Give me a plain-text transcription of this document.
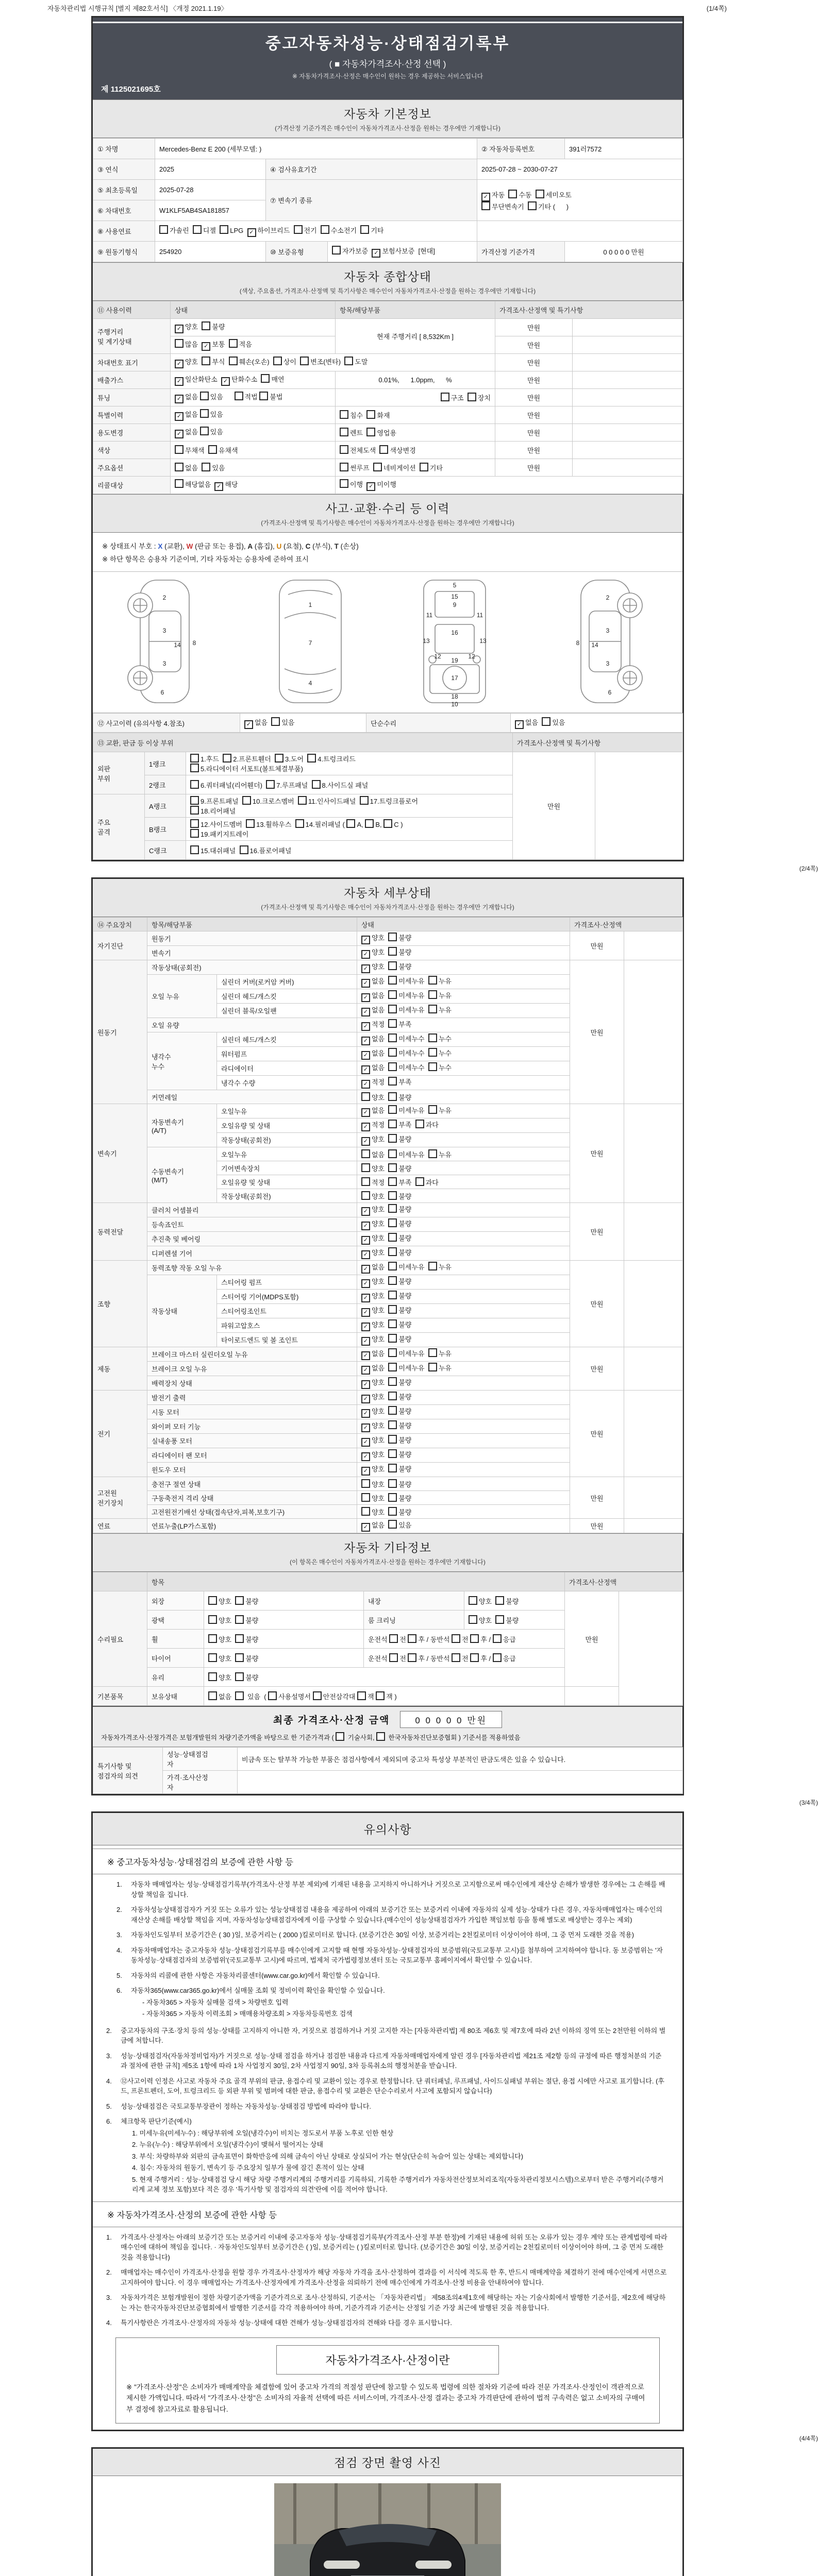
자동차관리법 시행규칙 [별지 제82호서식] 〈개정 2021.1.19〉	(1/4쪽)
중고자동차성능·상태점검기록부
( ■ 자동차가격조사·산정 선택 )
※ 자동차가격조사·산정은 매수인이 원하는 경우 제공하는 서비스입니다
제 1125021695호
자동차 기본정보
(가격산정 기준가격은 매수인이 자동차가격조사·산정을 원하는 경우에만 기재합니다)
① 차명	Mercedes-Benz E 200 (세부모델: )			② 자동차등록번호	391러7572
③ 연식	2025	④ 검사유효기간		2025-07-28 ~ 2030-07-27	
⑤ 최초등록일	2025-07-28	⑦ 변속기 종류		✓ 자동  수동  세미오토
무단변속기  기타 (      )	
⑥ 차대번호	W1KLF5AB4SA181857				
⑧ 사용연료	가솔린  디젤  LPG  ✓ 하이브리드  전기  수소전기  기타				
⑨ 원동기형식	254920	⑩ 보증유형	자가보증  ✓ 보험사보증  [현대]	가격산정 기준가격	0 0 0 0 0 만원
자동차 종합상태
(색상, 주요옵션, 가격조사·산정액 및 특기사항은 매수인이 자동차가격조사·산정을 원하는 경우에만 기재합니다)
⑪ 사용이력	상태	항목/해당부품	가격조사·산정액 및 특기사항	
주행거리
및 계기상태	✓ 양호  불량	현재 주행거리 [ 8,532Km ]	만원	
	많음  ✓ 보통  적음		만원	
차대번호 표기	✓ 양호  부식  훼손(오손)  상이  변조(변타)  도말		만원	
배출가스	✓ 일산화탄소  ✓ 탄화수소  매연	0.01%,      1.0ppm,      %	만원	
튜닝	✓ 없음 있음      적법 불법	구조  장치	만원	
특별이력	✓ 없음 있음	침수  화재	만원	
용도변경	✓ 없음 있음	렌트  영업용	만원	
색상	무채색  유채색	전체도색  색상변경	만원	
주요옵션	없음  있음	썬루프  네비게이션  기타	만원	
리콜대상	해당없음  ✓ 해당	이행  ✓ 미이행		
사고·교환·수리 등 이력
(가격조사·산정액 및 특기사항은 매수인이 자동차가격조사·산정을 원하는 경우에만 기재합니다)
※ 상태표시 부호 : X (교환), W (판금 또는 용접), A (흠집), U (요철), C (부식), T (손상)
※ 하단 항목은 승용차 기준이며, 기타 자동차는 승용차에 준하여 표시
2
8
3
14
3
6
1
7
4
5
15
9
11	11
16
13	13
12	12
19
17
18
10
2
8
3
14
3
6
⑫ 사고이력 (유의사항 4.참조)	✓ 없음  있음	단순수리	✓ 없음  있음
⑬ 교환, 판금 등 이상 부위			가격조사·산정액 및 특기사항	
외판
부위	1랭크	1.후드  2.프론트휀더  3.도어  4.트렁크리드
5.라디에이터 서포트(볼트체결부품)	만원	
	2랭크	6.쿼터패널(리어휀더)  7.루프패널  8.사이드실 패널		
주요
골격	A랭크	9.프론트패널  10.크로스멤버  11.인사이드패널  17.트렁크플로어
18.리어패널		
	B랭크	12.사이드멤버  13.휠하우스  14.필러패널 ( A, B, C )
19.패키지트레이		
	C랭크	15.대쉬패널  16.플로어패널		
(2/4쪽)
자동차 세부상태
(가격조사·산정액 및 특기사항은 매수인이 자동차가격조사·산정을 원하는 경우에만 기재합니다)
⑭ 주요장치	항목/해당부품		상태	가격조사·산정액	
자기진단	원동기		✓ 양호  불량	만원	
	변속기		✓ 양호  불량		
원동기	작동상태(공회전)		✓ 양호  불량	만원	
	오일 누유	실린더 커버(로커암 커버)	✓ 없음  미세누유  누유		
		실린더 헤드/개스킷	✓ 없음  미세누유  누유		
		실린더 블록/오일팬	✓ 없음  미세누유  누유		
	오일 유량		✓ 적정  부족		
	냉각수
누수	실린더 헤드/개스킷	✓ 없음  미세누수  누수		
		워터펌프	✓ 없음  미세누수  누수		
		라디에이터	✓ 없음  미세누수  누수		
		냉각수 수량	✓ 적정  부족		
	커먼레일		양호  불량		
변속기	자동변속기
(A/T)	오일누유	✓ 없음  미세누유  누유	만원	
		오일유량 및 상태	✓ 적정  부족  과다		
		작동상태(공회전)	✓ 양호  불량		
	수동변속기
(M/T)	오일누유	없음  미세누유  누유		
		기어변속장치	양호  불량		
		오일유량 및 상태	적정  부족  과다		
		작동상태(공회전)	양호  불량		
동력전달	클러치 어셈블리		✓ 양호  불량	만원	
	등속죠인트		✓ 양호  불량		
	추진축 및 베어링		✓ 양호  불량		
	디퍼렌셜 기어		✓ 양호  불량		
조향	동력조향 작동 오일 누유		✓ 없음  미세누유  누유	만원	
	작동상태	스티어링 펌프	✓ 양호  불량		
		스티어링 기어(MDPS포함)	✓ 양호  불량		
		스티어링조인트	✓ 양호  불량		
		파워고압호스	✓ 양호  불량		
		타이로드엔드 및 볼 조인트	✓ 양호  불량		
제동	브레이크 마스터 실린더오일 누유		✓ 없음  미세누유  누유	만원	
	브레이크 오일 누유		✓ 없음  미세누유  누유		
	배력장치 상태		✓ 양호  불량		
전기	발전기 출력		✓ 양호  불량	만원	
	시동 모터		✓ 양호  불량		
	와이퍼 모터 기능		✓ 양호  불량		
	실내송풍 모터		✓ 양호  불량		
	라디에이터 팬 모터		✓ 양호  불량		
	윈도우 모터		✓ 양호  불량		
고전원
전기장치	충전구 절연 상태		양호  불량	만원	
	구동축전지 격리 상태		양호  불량		
	고전원전기배선 상태(접속단자,피복,보호기구)		양호  불량		
연료	연료누출(LP가스포함)		✓ 없음  있음	만원	
자동차 기타정보
(이 항목은 매수인이 자동차가격조사·산정을 원하는 경우에만 기재합니다)
	항목				가격조사·산정액	
수리필요	외장	양호  불량	내장	양호  불량	만원	
	광택	양호  불량	룸 크리닝	양호  불량		
	휠	양호  불량	운전석 전 후 / 동반석 전 후 / 응급			
	타이어	양호  불량	운전석 전 후 / 동반석 전 후 / 응급			
	유리	양호  불량				
기본품목	보유상태	없음   있음  ( 사용설명서 안전삼각대 잭 잭 )				
최종 가격조사·산정 금액	0 0 0 0 0 만원
자동차가격조사·산정가격은 보험개발원의 차량기준가액을 바탕으로 한 기준가격과 (  기술사회,  한국자동차진단보증협회 ) 기준서를 적용하였음
특기사항 및
점검자의 의견	성능·상태점검
자	비금속 또는 탈부착 가능한 부품은 점검사항에서 제외되며 중고차 특성상 부분적인 판금도색은 있을 수 있습니다.
	가격·조사산정
자	
(3/4쪽)
유의사항
※ 중고자동차성능·상태점검의 보증에 관한 사항 등
1.	자동차 매매업자는 성능·상태점검기록부(가격조사·산정 부분 제외)에 기재된 내용을 고지하지 아니하거나 거짓으로 고지함으로써 매수인에게 재산상 손해가 발생한 경우에는 그 손해를 배상할 책임을 집니다.
2.	자동차성능상태점검자가 거짓 또는 오류가 있는 성능상태점검 내용을 제공하여 아래의 보증기간 또는 보증거리 이내에 자동차의 실제 성능·상태가 다른 경우, 자동차매매업자는 매수인의 재산상 손해를 배상할 책임을 지며, 자동차성능상태점검자에게 이를 구상할 수 있습니다.(매수인이 성능상태점검자가 가입한 책임보험 등을 통해 별도로 배상받는 경우는 제외)
3.	자동차인도일부터 보증기간은 ( 30 )일, 보증거리는 ( 2000 )킬로미터로 합니다. (보증기간은 30일 이상, 보증거리는 2천킬로미터 이상이어야 하며, 그 중 먼저 도래한 것을 적용)
4.	자동차매매업자는 중고자동차 성능·상태점검기록부를 매수인에게 고지할 때 현행 자동차성능·상태점검자의 보증범위(국토교통부 고시)를 첨부하여 고지하여야 합니다. 동 보증범위는 '자동차성능·상태점검자의 보증범위'(국토교통부 고시)에 따르며, 법제처 국가법령정보센터 또는 국토교통부 홈페이지에서 확인할 수 있습니다.
5.	자동차의 리콜에 관한 사항은 자동차리콜센터(www.car.go.kr)에서 확인할 수 있습니다.
6.	자동차365(www.car365.go.kr)에서 실매물 조회 및 정비이력 확인을 확인할 수 있습니다.
- 자동차365 > 자동차 실매물 검색 > 차량번호 입력
- 자동차365 > 자동차 이력조회 > 매매용차량조회 > 자동차등록번호 검색
2.	중고자동차의 구조·장치 등의 성능·상태를 고지하지 아니한 자, 거짓으로 점검하거나 거짓 고지한 자는 [자동차관리법] 제 80조 제6호 및 제7호에 따라 2년 이하의 징역 또는 2천만원 이하의 벌금에 처합니다.
3.	성능·상태점검자(자동차정비업자)가 거짓으로 성능·상태 점검을 하거나 점검한 내용과 다르게 자동차매매업자에게 알린 경우 [자동차관리법 제21조 제2항 등의 규정에 따른 행정처분의 기준과 절차에 관한 규칙] 제5조 1항에 따라 1차 사업정지 30일, 2차 사업정지 90일, 3차 등록취소의 행정처분을 받습니다.
4.	⑫사고이력 인정은 사고로 자동차 주요 골격 부위의 판금, 용접수리 및 교환이 있는 경우로 한정합니다. 단 쿼터패널, 루프패널, 사이드실패널 부위는 절단, 용접 시에만 사고로 표기합니다. (후드, 프론트펜더, 도어, 트렁크리드 등 외판 부위 및 범퍼에 대한 판금, 용접수리 및 교환은 단순수리로서 사고에 포함되지 않습니다)
5.	성능·상태점검은 국토교통부장관이 정하는 자동차성능·상태점검 방법에 따라야 합니다.
6.	체크항목 판단기준(예시)
1. 미세누유(미세누수) : 해당부위에 오일(냉각수)이 비치는 정도로서 부품 노후로 인한 현상
2. 누유(누수) : 해당부위에서 오일(냉각수)이 맺혀서 떨어지는 상태
3. 부식: 차량하부와 외판의 금속표면이 화학반응에 의해 금속이 아닌 상태로 상실되어 가는 현상(단순히 녹슬어 있는 상태는 제외합니다)
4. 침수: 자동차의 원동기, 변속기 등 주요장치 일부가 물에 잠긴 흔적이 있는 상태
5. 현재 주행거리 : 성능·상태점검 당시 해당 차량 주행거리계의 주행거리를 기록하되, 기록한 주행거리가 자동차전산정보처리조직(자동차관리정보시스템)으로부터 받은 주행거리(주행거리계 교체 정보 포함)보다 적은 경우 '특기사항 및 점검자의 의견'란에 이를 적어야 합니다.
※ 자동차가격조사·산정의 보증에 관한 사항 등
1.	가격조사·산정자는 아래의 보증기간 또는 보증거리 이내에 중고자동차 성능·상태점검기록부(가격조사·산정 부분 한정)에 기재된 내용에 허위 또는 오류가 있는 경우 계약 또는 관계법령에 따라 매수인에 대하여 책임을 집니다. · 자동차인도일부터 보증기간은 ( )일, 보증거리는 ( )킬로미터로 합니다. (보증기간은 30일 이상, 보증거리는 2천킬로미터 이상이어야 하며, 그 중 먼저 도래한 것을 적용합니다)
2.	매매업자는 매수인이 가격조사·산정을 원할 경우 가격조사·산정자가 해당 자동차 가격을 조사·산정하여 결과를 이 서식에 적도록 한 후, 반드시 매매계약을 체결하기 전에 매수인에게 서면으로 고지하여야 합니다. 이 경우 매매업자는 가격조사·산정자에게 가격조사·산정을 의뢰하기 전에 매수인에게 가격조사·산정 비용을 안내하여야 합니다.
3.	자동차가격은 보험개발원이 정한 차량기준가액을 기준가격으로 조사·산정하되, 기준서는 「자동차관리법」 제58조의4제1호에 해당하는 자는 기술사회에서 발행한 기준서를, 제2호에 해당하는 자는 한국자동차진단보증협회에서 발행한 기준서를 각각 적용하여야 하며, 기준가격과 기준서는 산정일 기준 가장 최근에 발행된 것을 적용합니다.
4.	특기사항란은 가격조사·산정자의 자동차 성능·상태에 대한 견해가 성능·상태점검자의 견해와 다를 경우 표시합니다.
자동차가격조사·산정이란
※ "가격조사·산정"은 소비자가 매매계약을 체결함에 있어 중고차 가격의 적절성 판단에 참고할 수 있도록 법령에 의한 절차와 기준에 따라 전문 가격조사·산정인이 객관적으로 제시한 가액입니다. 따라서 "가격조사·산정"은 소비자의 자율적 선택에 따른 서비스이며, 가격조사·산정 결과는 중고차 가격판단에 관하여 법적 구속력은 없고 소비자의 구매여부 결정에 참고자료로 활용됩니다.
(4/4쪽)
점검 장면 촬영 사진
